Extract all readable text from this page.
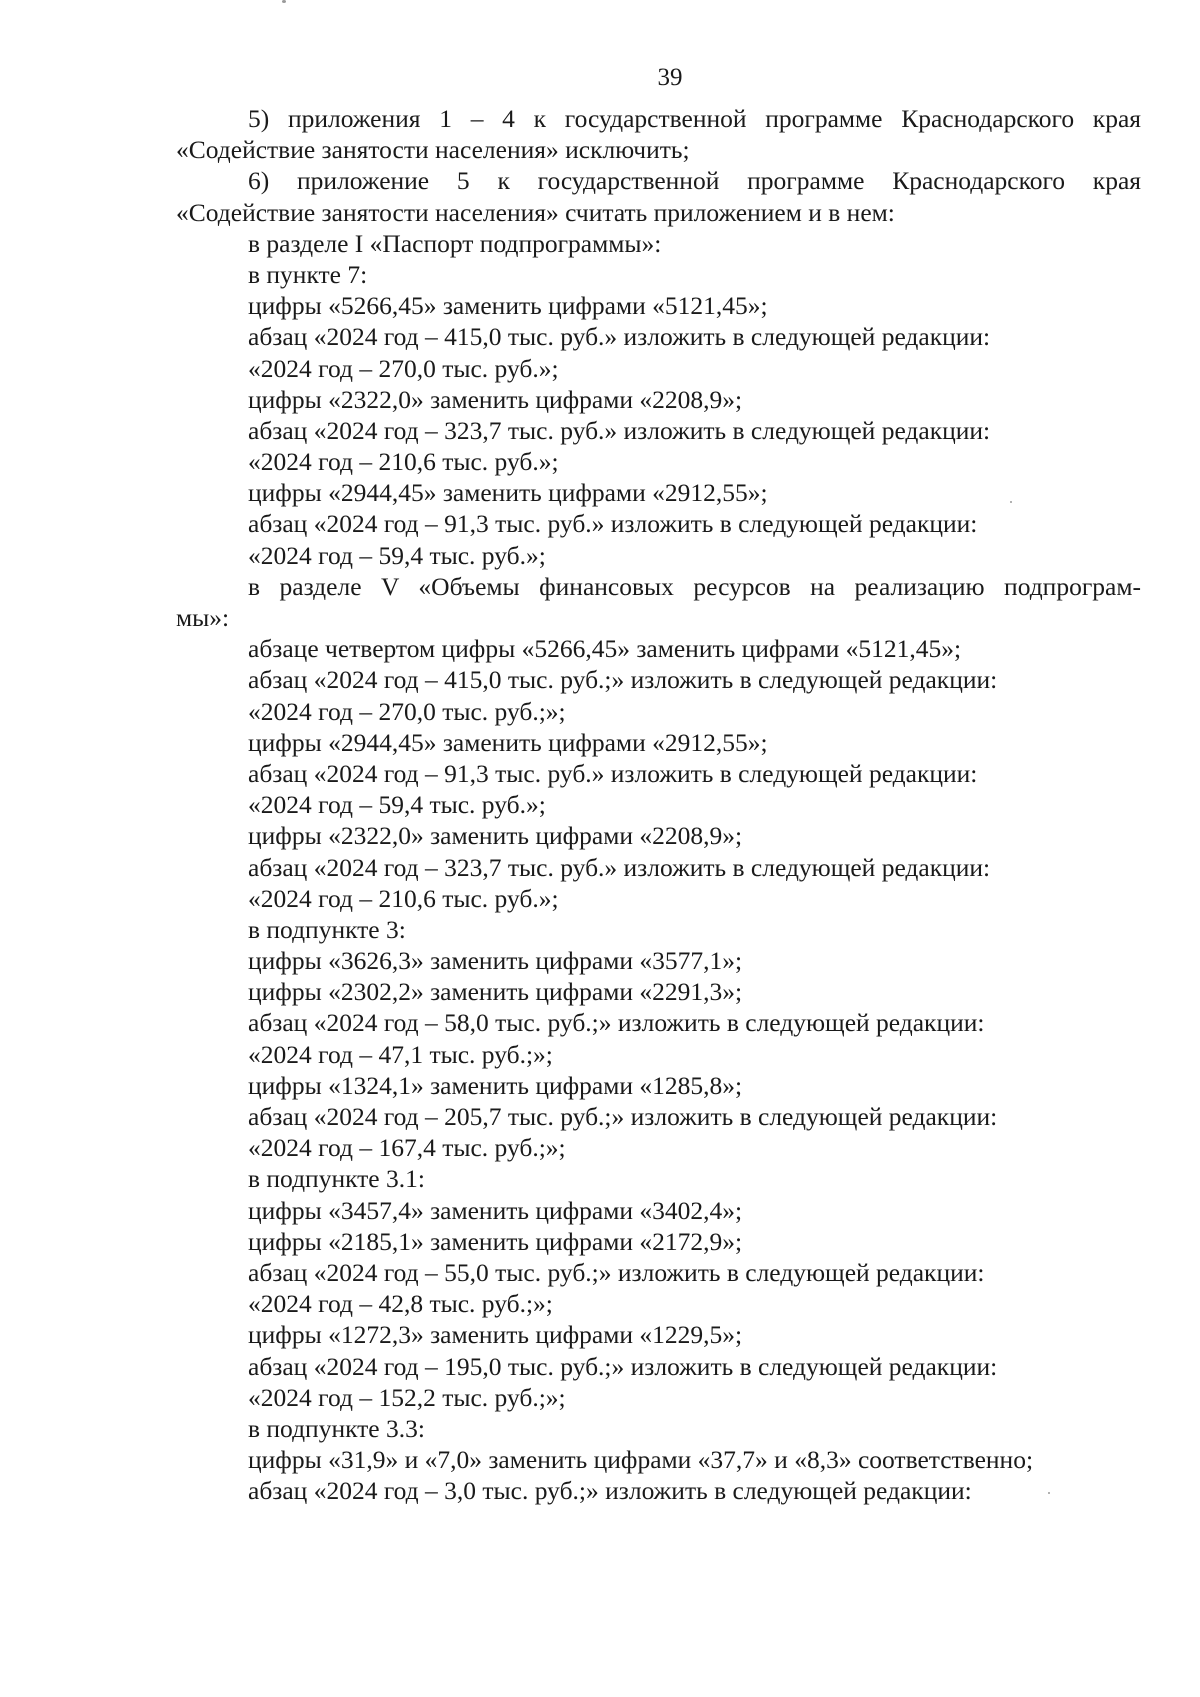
39
5) приложения 1 – 4 к государственной программе Краснодарского края
«Содействие занятости населения» исключить;
6) приложение 5 к государственной программе Краснодарского края
«Содействие занятости населения» считать приложением и в нем:
в разделе I «Паспорт подпрограммы»:
в пункте 7:
цифры «5266,45» заменить цифрами «5121,45»;
абзац «2024 год – 415,0 тыс. руб.» изложить в следующей редакции:
«2024 год – 270,0 тыс. руб.»;
цифры «2322,0» заменить цифрами «2208,9»;
абзац «2024 год – 323,7 тыс. руб.» изложить в следующей редакции:
«2024 год – 210,6 тыс. руб.»;
цифры «2944,45» заменить цифрами «2912,55»;
абзац «2024 год – 91,3 тыс. руб.» изложить в следующей редакции:
«2024 год – 59,4 тыс. руб.»;
в разделе V «Объемы финансовых ресурсов на реализацию подпрограм-
мы»:
абзаце четвертом цифры «5266,45» заменить цифрами «5121,45»;
абзац «2024 год – 415,0 тыс. руб.;» изложить в следующей редакции:
«2024 год – 270,0 тыс. руб.;»;
цифры «2944,45» заменить цифрами «2912,55»;
абзац «2024 год – 91,3 тыс. руб.» изложить в следующей редакции:
«2024 год – 59,4 тыс. руб.»;
цифры «2322,0» заменить цифрами «2208,9»;
абзац «2024 год – 323,7 тыс. руб.» изложить в следующей редакции:
«2024 год – 210,6 тыс. руб.»;
в подпункте 3:
цифры «3626,3» заменить цифрами «3577,1»;
цифры «2302,2» заменить цифрами «2291,3»;
абзац «2024 год – 58,0 тыс. руб.;» изложить в следующей редакции:
«2024 год – 47,1 тыс. руб.;»;
цифры «1324,1» заменить цифрами «1285,8»;
абзац «2024 год – 205,7 тыс. руб.;» изложить в следующей редакции:
«2024 год – 167,4 тыс. руб.;»;
в подпункте 3.1:
цифры «3457,4» заменить цифрами «3402,4»;
цифры «2185,1» заменить цифрами «2172,9»;
абзац «2024 год – 55,0 тыс. руб.;» изложить в следующей редакции:
«2024 год – 42,8 тыс. руб.;»;
цифры «1272,3» заменить цифрами «1229,5»;
абзац «2024 год – 195,0 тыс. руб.;» изложить в следующей редакции:
«2024 год – 152,2 тыс. руб.;»;
в подпункте 3.3:
цифры «31,9» и «7,0» заменить цифрами «37,7» и «8,3» соответственно;
абзац «2024 год – 3,0 тыс. руб.;» изложить в следующей редакции:
